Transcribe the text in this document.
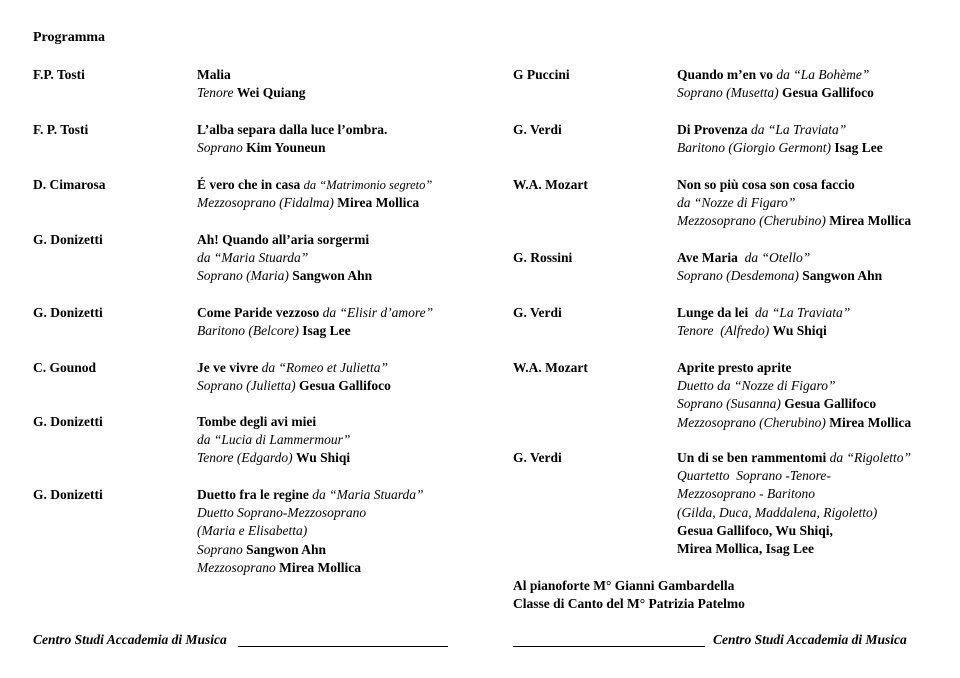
Programma
F.P. Tosti	Malia
Tenore Wei Quiang
F. P. Tosti	L’alba separa dalla luce l’ombra.
Soprano Kim Youneun
D. Cimarosa	É vero che in casa da “Matrimonio segreto”
Mezzosoprano (Fidalma) Mirea Mollica
G. Donizetti	Ah! Quando all’aria sorgermi
da “Maria Stuarda”
Soprano (Maria) Sangwon Ahn
G. Donizetti	Come Paride vezzoso da “Elisir d’amore”
Baritono (Belcore) Isag Lee
C. Gounod	Je ve vivre da “Romeo et Julietta”
Soprano (Julietta) Gesua Gallifoco
G. Donizetti	Tombe degli avi miei
da “Lucia di Lammermour”
Tenore (Edgardo) Wu Shiqi
G. Donizetti	Duetto fra le regine da “Maria Stuarda”
Duetto Soprano-Mezzosoprano
(Maria e Elisabetta)
Soprano Sangwon Ahn
Mezzosoprano Mirea Mollica
G Puccini	Quando m’en vo da “La Bohème”
Soprano (Musetta) Gesua Gallifoco
G. Verdi	Di Provenza da “La Traviata”
Baritono (Giorgio Germont) Isag Lee
W.A. Mozart	Non so più cosa son cosa faccio
da “Nozze di Figaro”
Mezzosoprano (Cherubino) Mirea Mollica
G. Rossini	Ave Maria  da “Otello”
Soprano (Desdemona) Sangwon Ahn
G. Verdi	Lunge da lei  da “La Traviata”
Tenore  (Alfredo) Wu Shiqi
W.A. Mozart	Aprite presto aprite
Duetto da “Nozze di Figaro”
Soprano (Susanna) Gesua Gallifoco
Mezzosoprano (Cherubino) Mirea Mollica
G. Verdi	Un di se ben rammentomi da “Rigoletto”
Quartetto  Soprano -Tenore-
Mezzosoprano - Baritono
(Gilda, Duca, Maddalena, Rigoletto)
Gesua Gallifoco, Wu Shiqi,
Mirea Mollica, Isag Lee
Al pianoforte M° Gianni Gambardella
Classe di Canto del M° Patrizia Patelmo
Centro Studi Accademia di Musica	Centro Studi Accademia di Musica
